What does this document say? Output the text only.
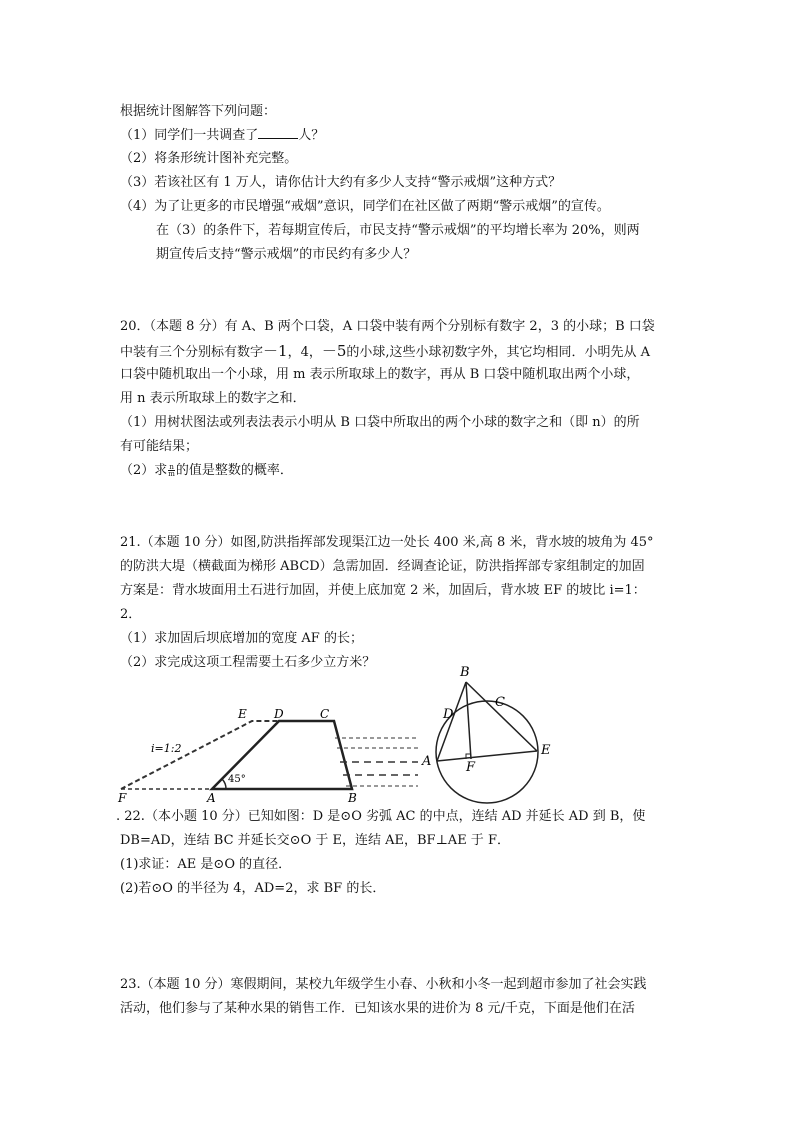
根据统计图解答下列问题：
（1）同学们一共调查了	人？
（2）将条形统计图补充完整。
（3）若该社区有 1 万人，请你估计大约有多少人支持“警示戒烟”这种方式？
（4）为了让更多的市民增强“戒烟”意识，同学们在社区做了两期“警示戒烟”的宣传。
在（3）的条件下，若每期宣传后，市民支持“警示戒烟”的平均增长率为 20%，则两
期宣传后支持“警示戒烟”的市民约有多少人？
20．（本题 8 分）有 A、B 两个口袋，A 口袋中装有两个分别标有数字 2，3 的小球；B 口袋
中装有三个分别标有数字－1，4，－5的小球,这些小球初数字外，其它均相同．小明先从 A
口袋中随机取出一个小球，用 m 表示所取球上的数字，再从 B 口袋中随机取出两个小球，
用 n 表示所取球上的数字之和．
（1）用树状图法或列表法表示小明从 B 口袋中所取出的两个小球的数字之和（即 n）的所
有可能结果；
（2）求 $\frac{n}{m}$ 的值是整数的概率．
21.（本题 10 分）如图,防洪指挥部发现渠江边一处长 400 米,高 8 米，背水坡的坡角为 45°
的防洪大堤（横截面为梯形 ABCD）急需加固．经调查论证，防洪指挥部专家组制定的加固
方案是：背水坡面用土石进行加固，并使上底加宽 2 米，加固后，背水坡 EF 的坡比 i=1：
2．
（1）求加固后坝底增加的宽度 AF 的长；
（2）求完成这项工程需要土石多少立方米？
E D	C
F	A	B
i=1:2
45°
B
C
D
A	F
E
. 22.（本小题 10 分）已知如图：D 是⊙O 劣弧 AC 的中点，连结 AD 并延长 AD 到 B，使
DB=AD，连结 BC 并延长交⊙O 于 E，连结 AE，BF⊥AE 于 F．
(1)求证：AE 是⊙O 的直径．
(2)若⊙O 的半径为 4，AD=2，求 BF 的长．
23.（本题 10 分）寒假期间，某校九年级学生小春、小秋和小冬一起到超市参加了社会实践
活动，他们参与了某种水果的销售工作．已知该水果的进价为 8 元/千克，下面是他们在活
